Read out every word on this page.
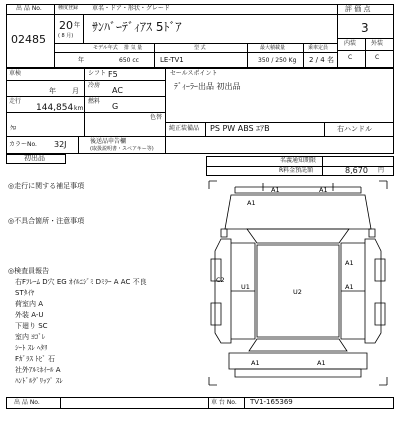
出 品 No.
02485
種度登録 車名・ドア・形状・グレード
20 年
( 8 月)
ｻﾝﾊﾞｰﾃﾞｨｱｽ 5ﾄﾞｱ
評 価 点
3
内装 外装
C	C
モデル年式 排 気 量	型 式	最大積載量	乗車定員
年	650 cc	LE-TV1	350 / 250 Kg 2 / 4 名
車検
年 月
シフト F5
走行
144,854 km
冷房
AC
燃料
G
色替
ｸﾛ
カラーNo. 32J
セールスポイント
ﾃﾞｨｰﾗｰ出品 初出品
純正装備品 PS PW ABS ｴｱB	右ハンドル
後送品申告欄
(取扱説明書・スペアキー等)
初出品	名義通知期限
R料金預託額	8,670 円
◎走行に関する補足事項
◎不具合箇所・注意事項
◎検査員報告
右Fﾌﾚｰﾑ D穴 EG ｵｲﾙﾆｼﾞﾐ Dﾐﾗｰ A AC 不良
STﾀｲﾔ
荷室内 A
外装 A-U
下廻り SC
室内 ﾖｺﾞﾚ
ｼｰﾄ ｽﾚ ﾍﾀﾘ
Fｶﾞﾗｽ ﾄﾋﾞ 石
社外ｱﾙﾐﾎｲｰﾙ A
ﾊﾝﾄﾞﾙｸﾞﾘｯﾌﾟ ｽﾚ
A1	A1
A1
U1
U2
A1
C2
A1
A1	A1
出 品 No.	車 台 No. TV1-165369
